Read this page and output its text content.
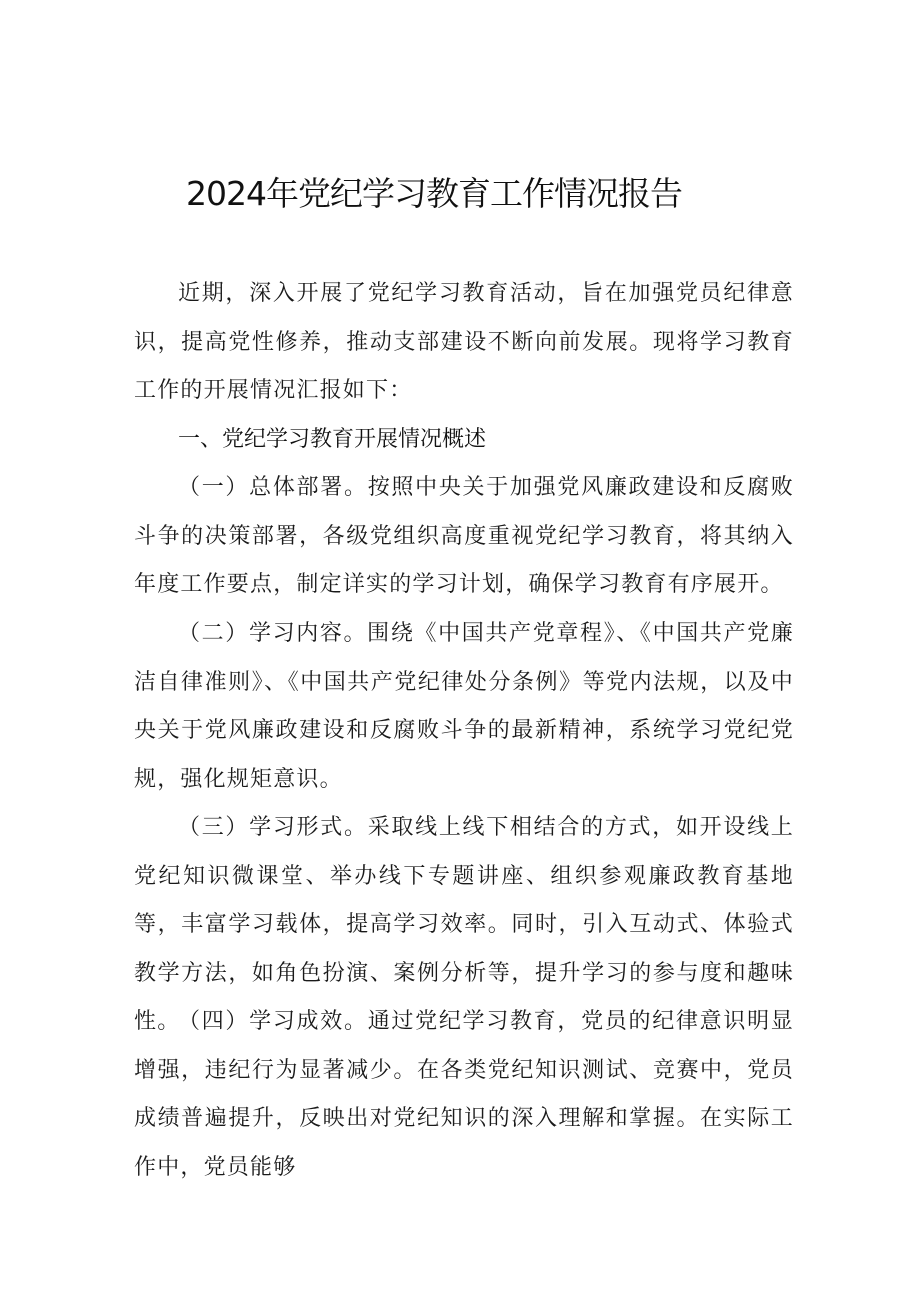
2024年党纪学习教育工作情况报告

近期，深入开展了党纪学习教育活动，旨在加强党员纪律意识，提高党性修养，推动支部建设不断向前发展。现将学习教育工作的开展情况汇报如下：

一、党纪学习教育开展情况概述

（一）总体部署。按照中央关于加强党风廉政建设和反腐败斗争的决策部署，各级党组织高度重视党纪学习教育，将其纳入年度工作要点，制定详实的学习计划，确保学习教育有序展开。

（二）学习内容。围绕《中国共产党章程》、《中国共产党廉洁自律准则》、《中国共产党纪律处分条例》等党内法规，以及中央关于党风廉政建设和反腐败斗争的最新精神，系统学习党纪党规，强化规矩意识。

（三）学习形式。采取线上线下相结合的方式，如开设线上党纪知识微课堂、举办线下专题讲座、组织参观廉政教育基地等，丰富学习载体，提高学习效率。同时，引入互动式、体验式教学方法，如角色扮演、案例分析等，提升学习的参与度和趣味性。

（四）学习成效。通过党纪学习教育，党员的纪律意识明显增强，违纪行为显著减少。在各类党纪知识测试、竞赛中，党员成绩普遍提升，反映出对党纪知识的深入理解和掌握。在实际工作中，党员能够
